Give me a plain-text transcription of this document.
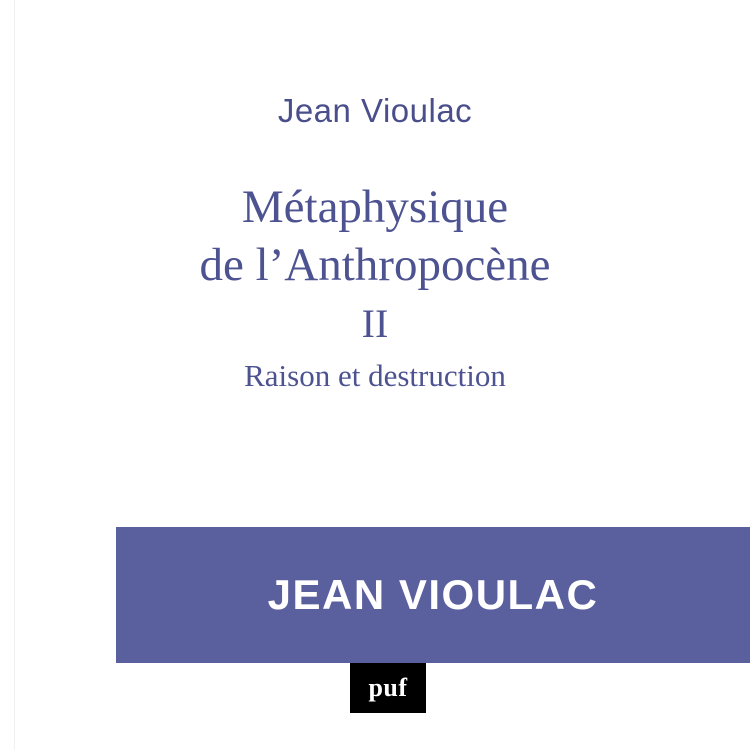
Jean Vioulac
Métaphysique
de l’Anthropocène
II
Raison et destruction
JEAN VIOULAC
puf
